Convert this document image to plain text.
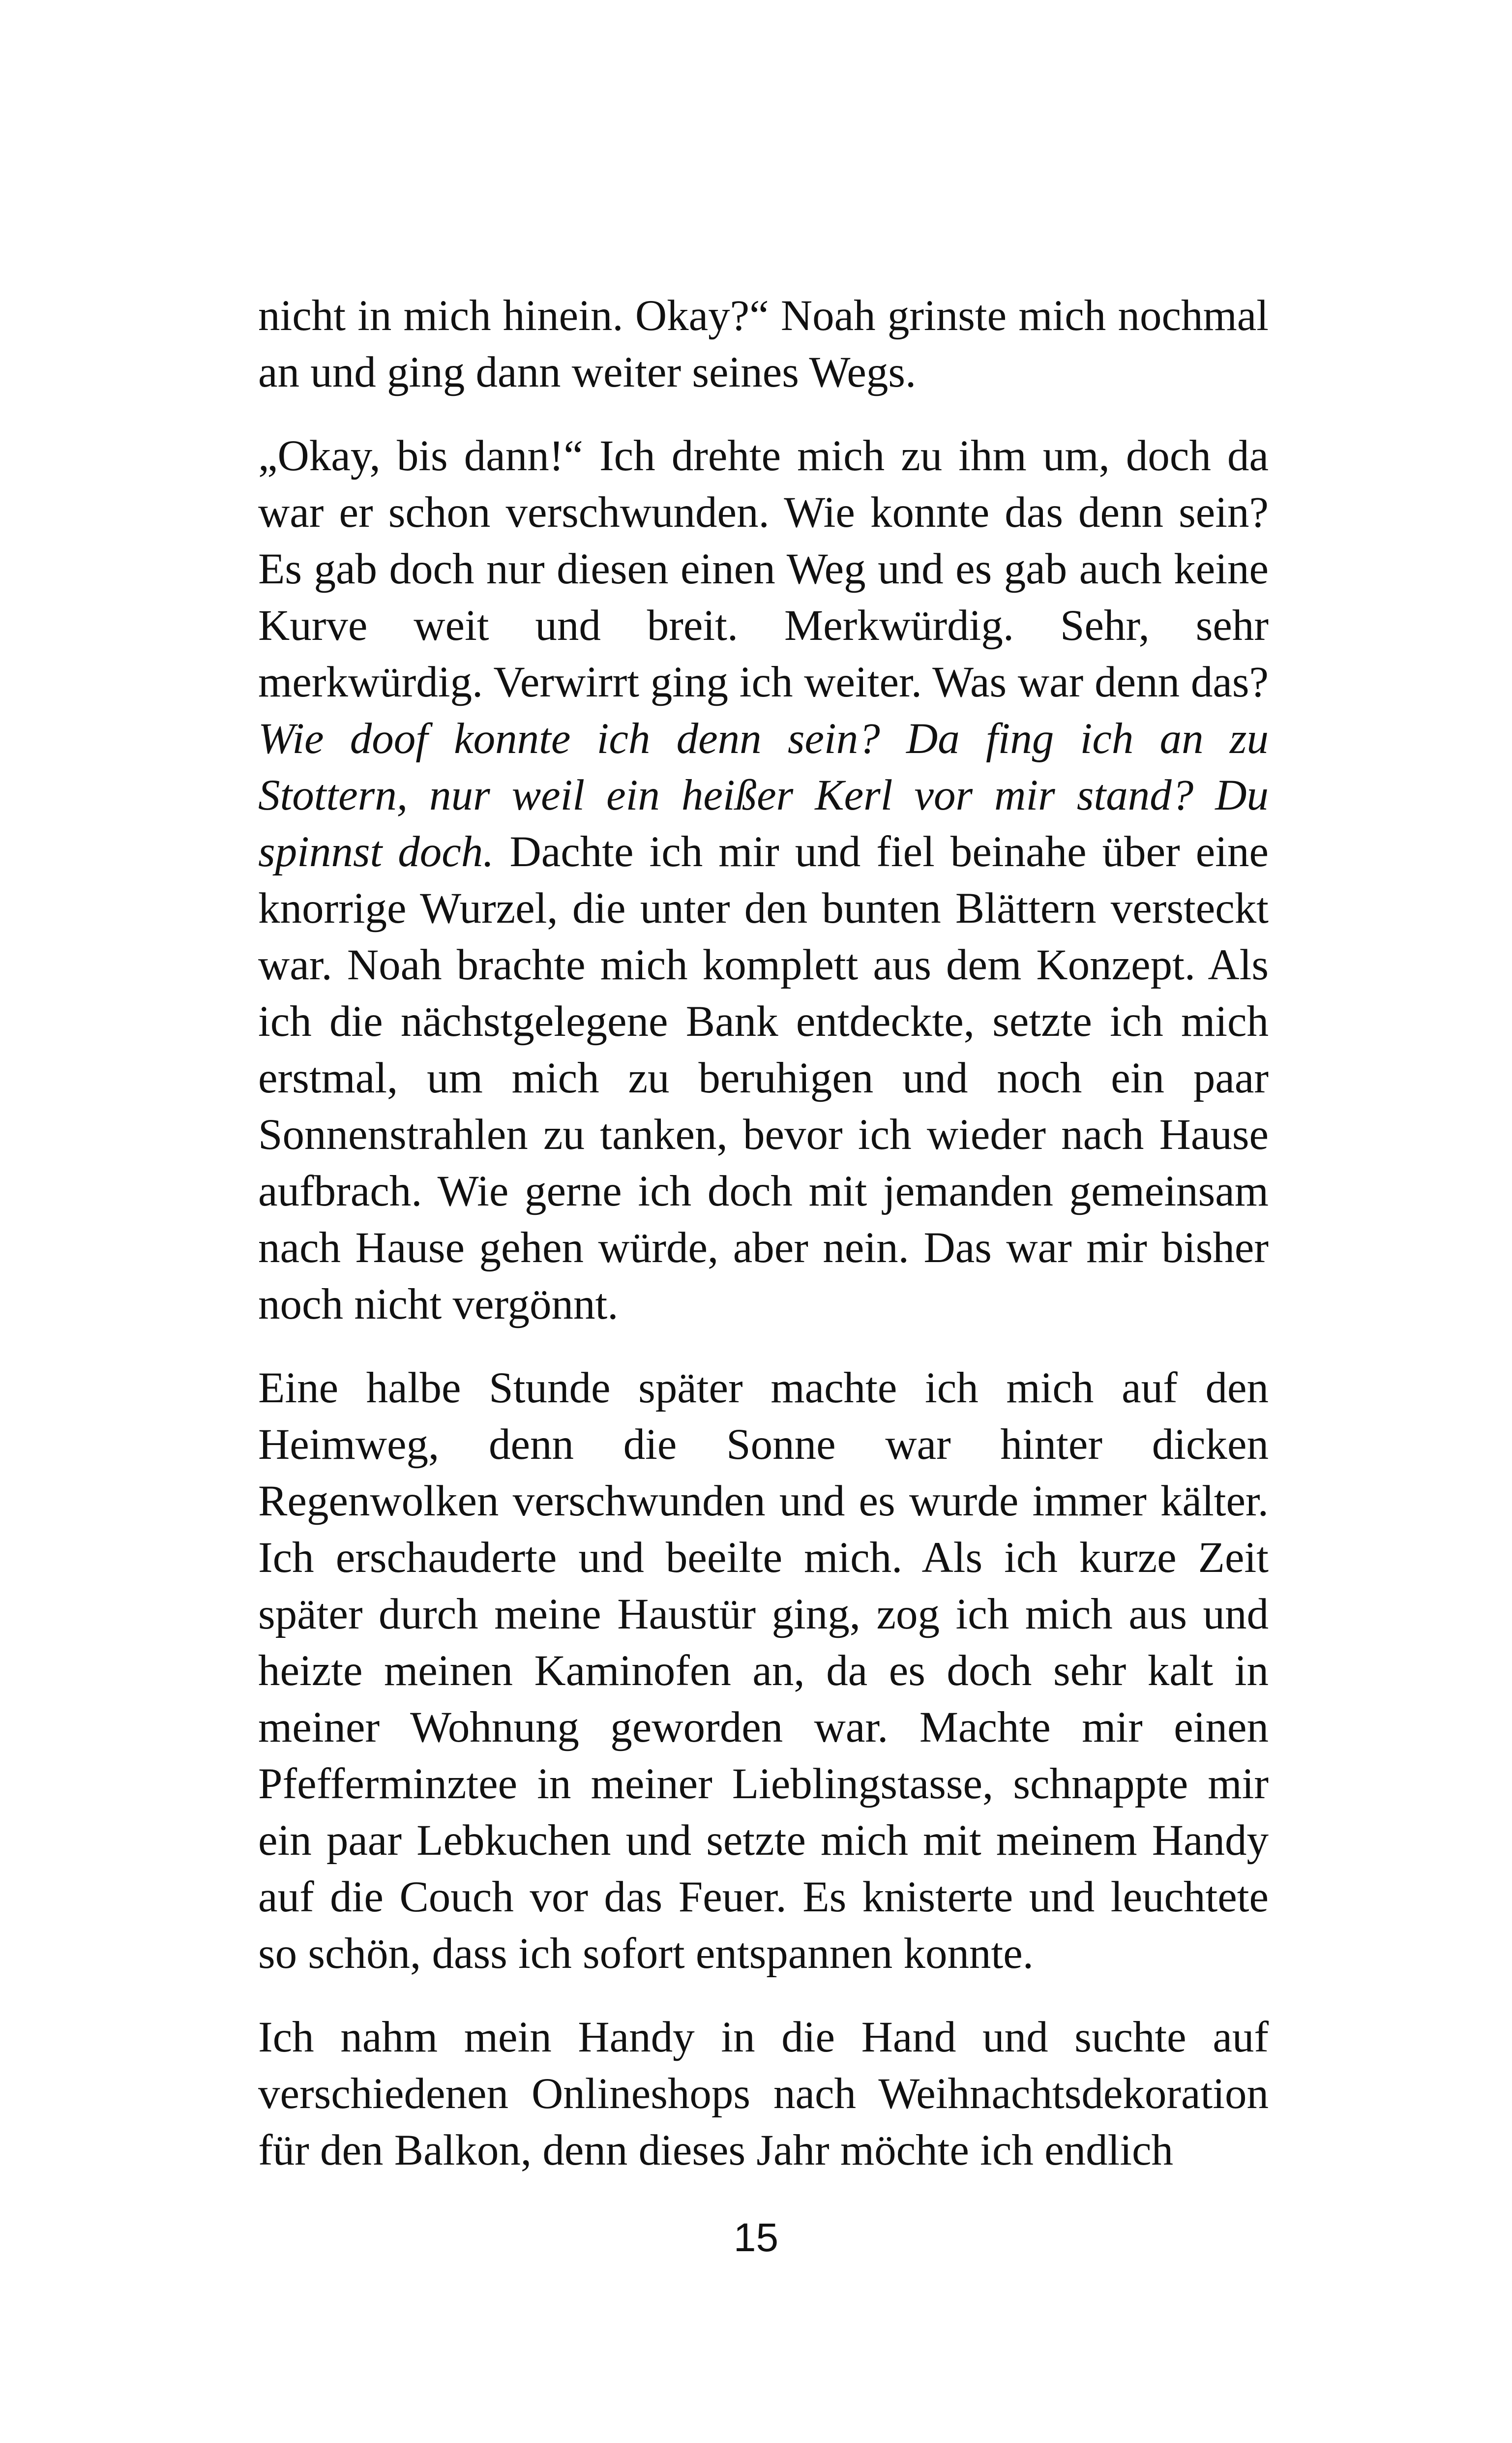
nicht in mich hinein. Okay?“ Noah grinste mich nochmal an und ging dann weiter seines Wegs.

„Okay, bis dann!“ Ich drehte mich zu ihm um, doch da war er schon verschwunden. Wie konnte das denn sein? Es gab doch nur diesen einen Weg und es gab auch keine Kurve weit und breit. Merkwürdig. Sehr, sehr merkwürdig. Verwirrt ging ich weiter. Was war denn das? Wie doof konnte ich denn sein? Da fing ich an zu Stottern, nur weil ein heißer Kerl vor mir stand? Du spinnst doch. Dachte ich mir und fiel beinahe über eine knorrige Wurzel, die unter den bunten Blättern versteckt war. Noah brachte mich komplett aus dem Konzept. Als ich die nächstgelegene Bank entdeckte, setzte ich mich erstmal, um mich zu beruhigen und noch ein paar Sonnenstrahlen zu tanken, bevor ich wieder nach Hause aufbrach. Wie gerne ich doch mit jemanden gemeinsam nach Hause gehen würde, aber nein. Das war mir bisher noch nicht vergönnt.

Eine halbe Stunde später machte ich mich auf den Heimweg, denn die Sonne war hinter dicken Regenwolken verschwunden und es wurde immer kälter. Ich erschauderte und beeilte mich. Als ich kurze Zeit später durch meine Haustür ging, zog ich mich aus und heizte meinen Kaminofen an, da es doch sehr kalt in meiner Wohnung geworden war. Machte mir einen Pfefferminztee in meiner Lieblingstasse, schnappte mir ein paar Lebkuchen und setzte mich mit meinem Handy auf die Couch vor das Feuer. Es knisterte und leuchtete so schön, dass ich sofort entspannen konnte.

Ich nahm mein Handy in die Hand und suchte auf verschiedenen Onlineshops nach Weihnachtsdekoration für den Balkon, denn dieses Jahr möchte ich endlich

15
